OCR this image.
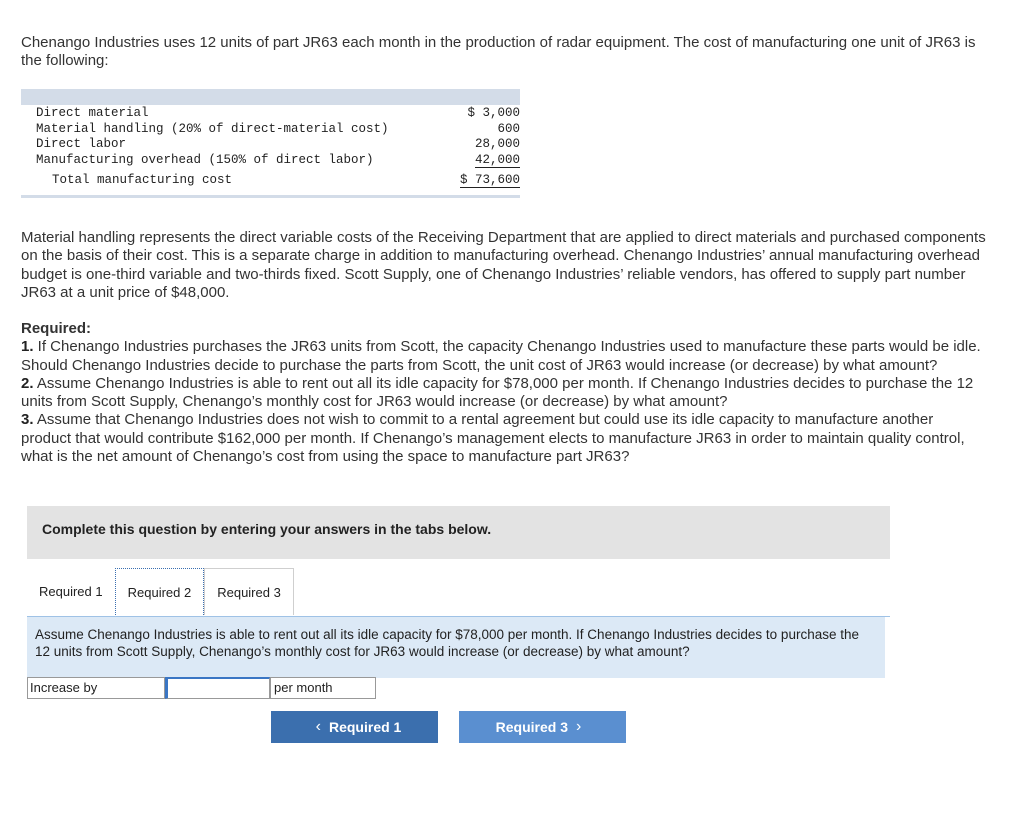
Chenango Industries uses 12 units of part JR63 each month in the production of radar equipment. The cost of manufacturing one unit of JR63 is the following:
Direct material	$ 3,000
Material handling (20% of direct-material cost)	600
Direct labor	28,000
Manufacturing overhead (150% of direct labor)	42,000
Total manufacturing cost	$ 73,600
Material handling represents the direct variable costs of the Receiving Department that are applied to direct materials and purchased components on the basis of their cost. This is a separate charge in addition to manufacturing overhead. Chenango Industries’ annual manufacturing overhead budget is one-third variable and two-thirds fixed. Scott Supply, one of Chenango Industries’ reliable vendors, has offered to supply part number JR63 at a unit price of $48,000.
Required:
1. If Chenango Industries purchases the JR63 units from Scott, the capacity Chenango Industries used to manufacture these parts would be idle. Should Chenango Industries decide to purchase the parts from Scott, the unit cost of JR63 would increase (or decrease) by what amount?
2. Assume Chenango Industries is able to rent out all its idle capacity for $78,000 per month. If Chenango Industries decides to purchase the 12 units from Scott Supply, Chenango’s monthly cost for JR63 would increase (or decrease) by what amount?
3. Assume that Chenango Industries does not wish to commit to a rental agreement but could use its idle capacity to manufacture another product that would contribute $162,000 per month. If Chenango’s management elects to manufacture JR63 in order to maintain quality control, what is the net amount of Chenango’s cost from using the space to manufacture part JR63?
Complete this question by entering your answers in the tabs below.
Required 1	Required 2	Required 3
Assume Chenango Industries is able to rent out all its idle capacity for $78,000 per month. If Chenango Industries decides to purchase the 12 units from Scott Supply, Chenango’s monthly cost for JR63 would increase (or decrease) by what amount?
Increase by	per month
‹ Required 1	Required 3 ›
